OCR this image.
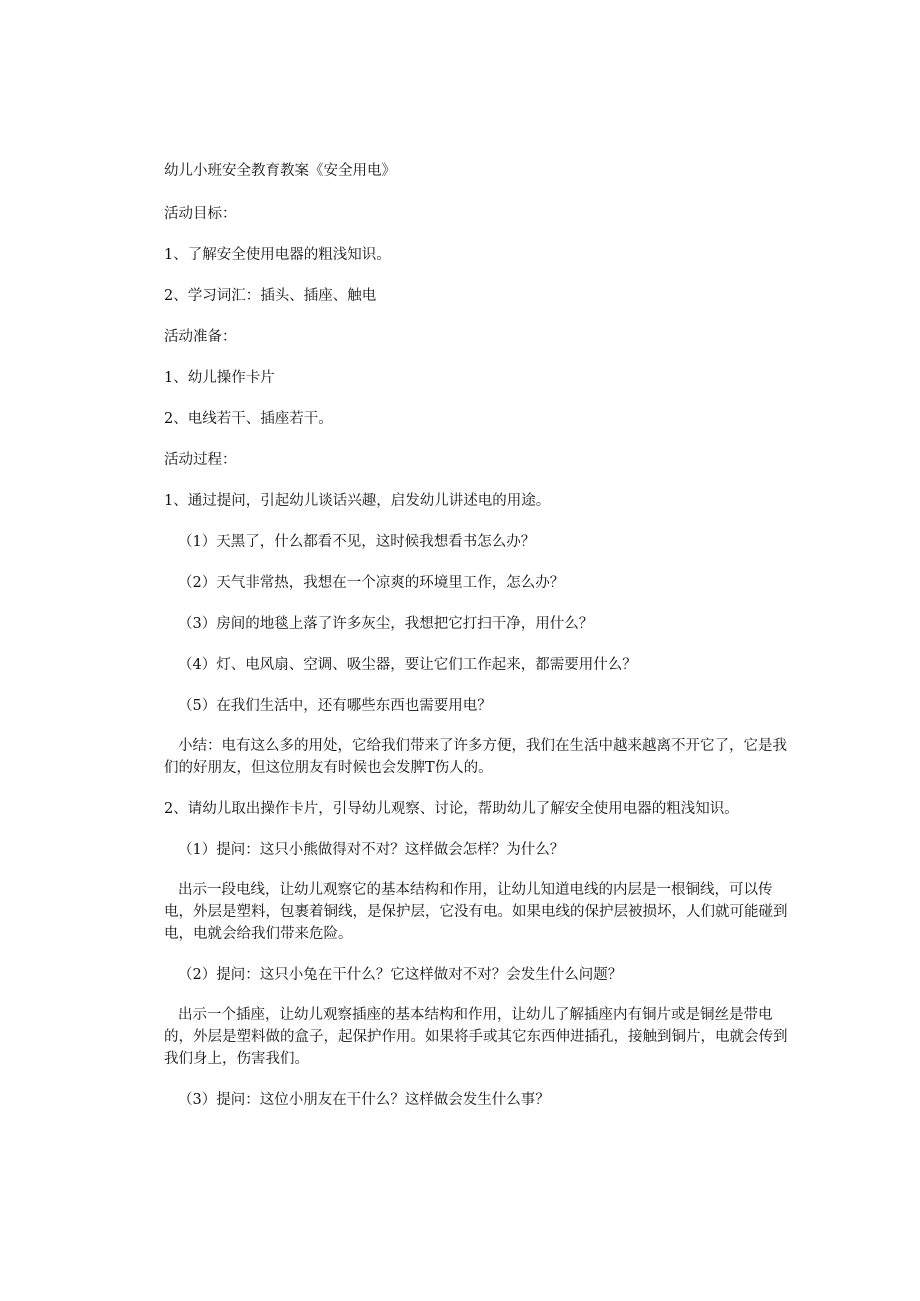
幼儿小班安全教育教案《安全用电》

活动目标：

1、了解安全使用电器的粗浅知识。

2、学习词汇：插头、插座、触电

活动准备：

1、幼儿操作卡片

2、电线若干、插座若干。

活动过程：

1、通过提问，引起幼儿谈话兴趣，启发幼儿讲述电的用途。

（1）天黑了，什么都看不见，这时候我想看书怎么办？

（2）天气非常热，我想在一个凉爽的环境里工作，怎么办？

（3）房间的地毯上落了许多灰尘，我想把它打扫干净，用什么？

（4）灯、电风扇、空调、吸尘器，要让它们工作起来，都需要用什么？

（5）在我们生活中，还有哪些东西也需要用电？

小结：电有这么多的用处，它给我们带来了许多方便，我们在生活中越来越离不开它了，它是我们的好朋友，但这位朋友有时候也会发脾T伤人的。

2、请幼儿取出操作卡片，引导幼儿观察、讨论，帮助幼儿了解安全使用电器的粗浅知识。

（1）提问：这只小熊做得对不对？这样做会怎样？为什么？

出示一段电线，让幼儿观察它的基本结构和作用，让幼儿知道电线的内层是一根铜线，可以传电，外层是塑料，包裹着铜线，是保护层，它没有电。如果电线的保护层被损坏，人们就可能碰到电，电就会给我们带来危险。

（2）提问：这只小兔在干什么？它这样做对不对？会发生什么问题？

出示一个插座，让幼儿观察插座的基本结构和作用，让幼儿了解插座内有铜片或是铜丝是带电的，外层是塑料做的盒子，起保护作用。如果将手或其它东西伸进插孔，接触到铜片，电就会传到我们身上，伤害我们。

（3）提问：这位小朋友在干什么？这样做会发生什么事？
